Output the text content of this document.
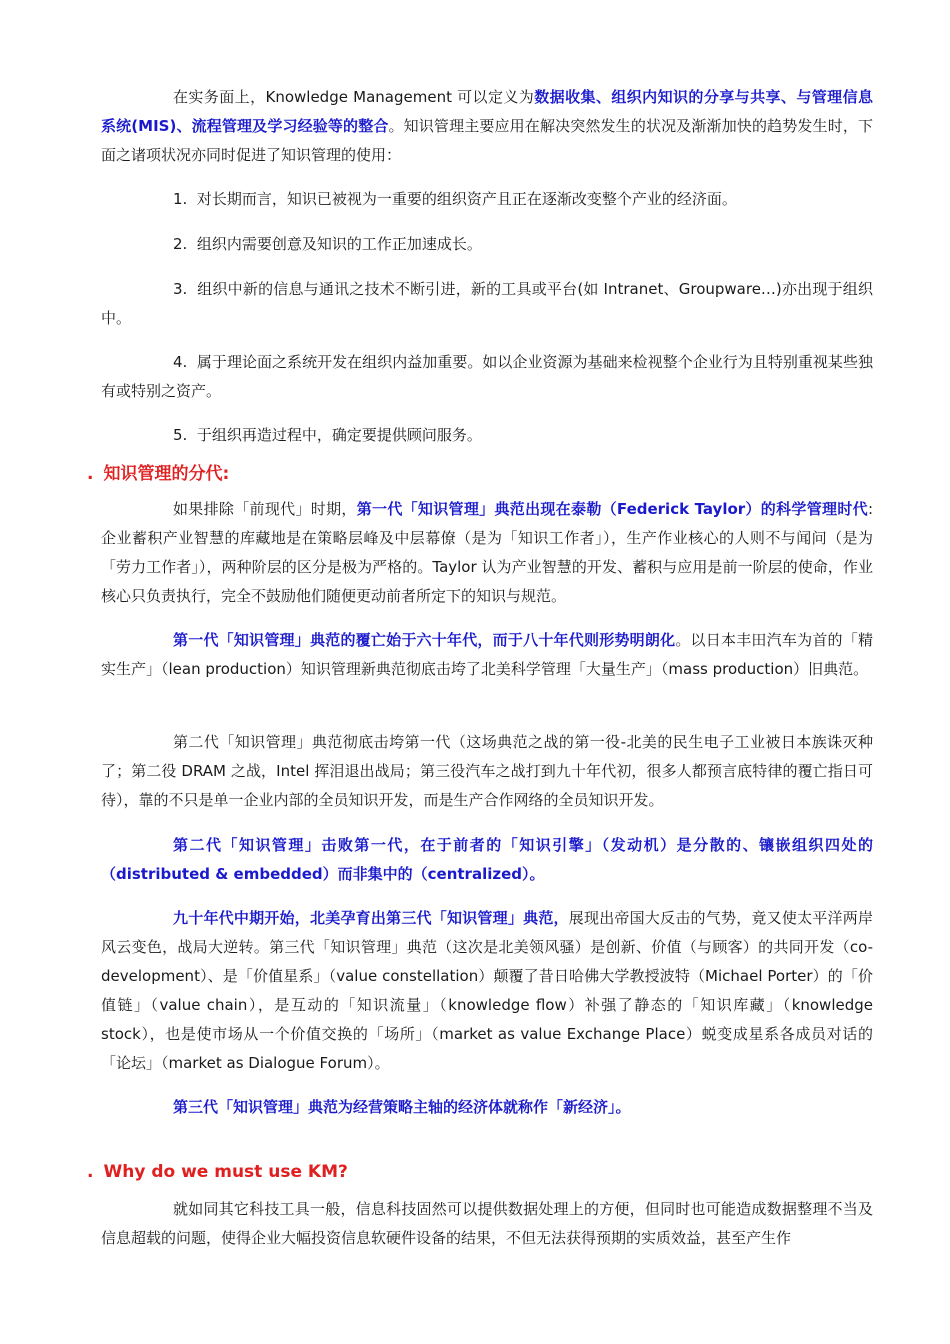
在实务面上，Knowledge Management 可以定义为数据收集、组织内知识的分享与共享、与管理信息系统(MIS)、流程管理及学习经验等的整合。知识管理主要应用在解决突然发生的状况及渐渐加快的趋势发生时，下面之诸项状况亦同时促进了知识管理的使用：

1. 对长期而言，知识已被视为一重要的组织资产且正在逐渐改变整个产业的经济面。

2. 组织内需要创意及知识的工作正加速成长。

3. 组织中新的信息与通讯之技术不断引进，新的工具或平台(如 Intranet、Groupware…)亦出现于组织中。

4. 属于理论面之系统开发在组织内益加重要。如以企业资源为基础来检视整个企业行为且特别重视某些独有或特别之资产。

5. 于组织再造过程中，确定要提供顾问服务。

. 知识管理的分代:

如果排除「前现代」时期，第一代「知识管理」典范出现在泰勒（Federick Taylor）的科学管理时代: 企业蓄积产业智慧的库藏地是在策略层峰及中层幕僚（是为「知识工作者」），生产作业核心的人则不与闻问（是为「劳力工作者」），两种阶层的区分是极为严格的。Taylor 认为产业智慧的开发、蓄积与应用是前一阶层的使命，作业核心只负责执行，完全不鼓励他们随便更动前者所定下的知识与规范。

第一代「知识管理」典范的覆亡始于六十年代，而于八十年代则形势明朗化。以日本丰田汽车为首的「精实生产」（lean production）知识管理新典范彻底击垮了北美科学管理「大量生产」（mass production）旧典范。

第二代「知识管理」典范彻底击垮第一代（这场典范之战的第一役-北美的民生电子工业被日本族诛灭种了；第二役 DRAM 之战，Intel 挥泪退出战局；第三役汽车之战打到九十年代初，很多人都预言底特律的覆亡指日可待），靠的不只是单一企业内部的全员知识开发，而是生产合作网络的全员知识开发。

第二代「知识管理」击败第一代，在于前者的「知识引擎」（发动机）是分散的、镶嵌组织四处的（distributed & embedded）而非集中的（centralized）。

九十年代中期开始，北美孕育出第三代「知识管理」典范，展现出帝国大反击的气势，竟又使太平洋两岸风云变色，战局大逆转。第三代「知识管理」典范（这次是北美领风骚）是创新、价值（与顾客）的共同开发（co-development）、是「价值星系」（value constellation）颠覆了昔日哈佛大学教授波特（Michael Porter）的「价值链」（value chain），是互动的「知识流量」（knowledge flow）补强了静态的「知识库藏」（knowledge stock），也是使市场从一个价值交换的「场所」（market as value Exchange Place）蜕变成星系各成员对话的「论坛」（market as Dialogue Forum）。

第三代「知识管理」典范为经营策略主轴的经济体就称作「新经济」。

. Why do we must use KM?

就如同其它科技工具一般，信息科技固然可以提供数据处理上的方便，但同时也可能造成数据整理不当及信息超载的问题，使得企业大幅投资信息软硬件设备的结果，不但无法获得预期的实质效益，甚至产生作
